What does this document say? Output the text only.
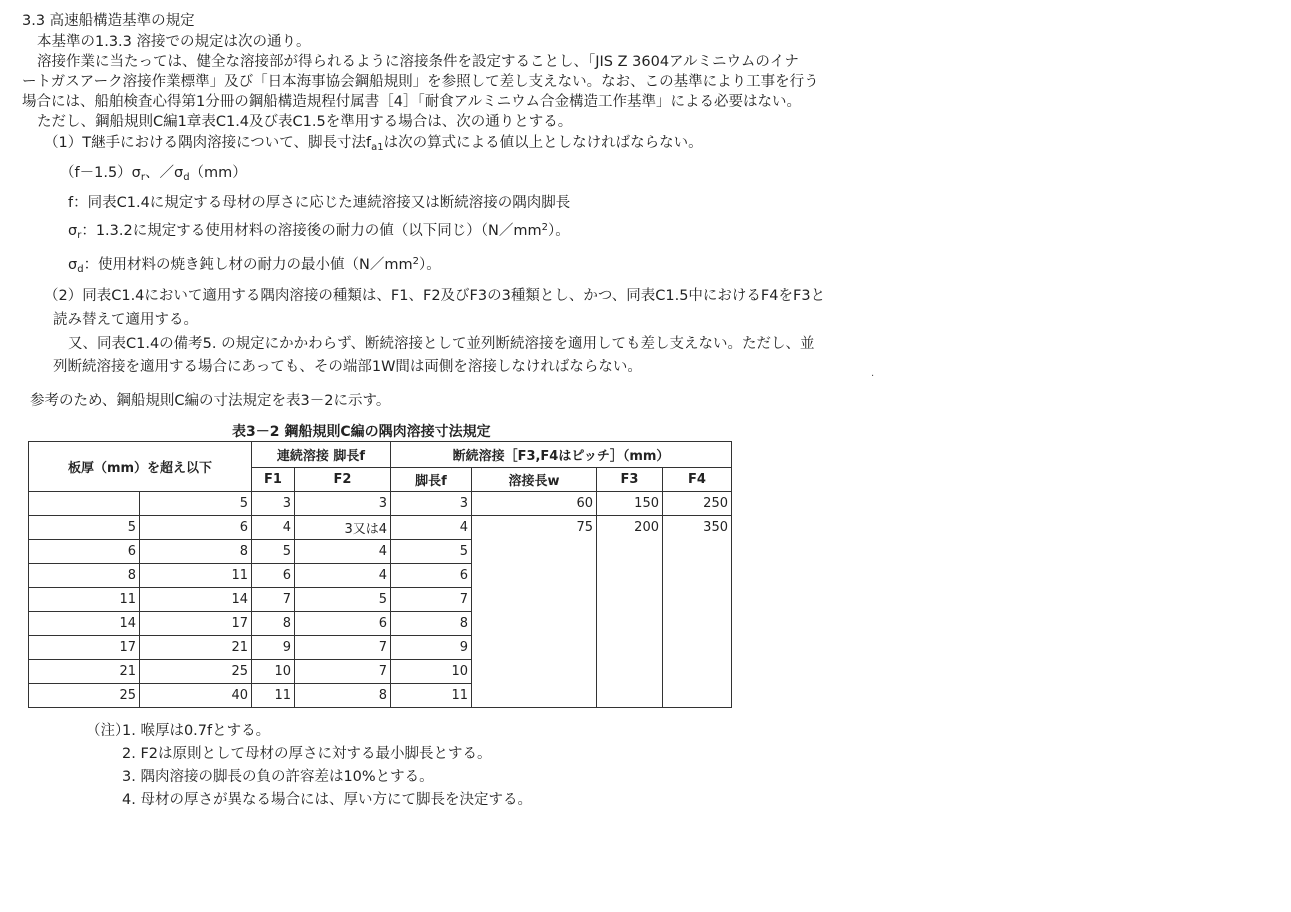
3.3 高速船構造基準の規定
本基準の1.3.3 溶接での規定は次の通り。
溶接作業に当たっては、健全な溶接部が得られるように溶接条件を設定することし、「JIS Z 3604アルミニウムのイナ
ートガスアーク溶接作業標準」及び「日本海事協会鋼船規則」を参照して差し支えない。なお、この基準により工事を行う
場合には、船舶検査心得第1分冊の鋼船構造規程付属書［4］「耐食アルミニウム合金構造工作基準」による必要はない。
ただし、鋼船規則C編1章表C1.4及び表C1.5を準用する場合は、次の通りとする。
（1）T継手における隅肉溶接について、脚長寸法$f_{a1}$は次の算式による値以上としなければならない。
$(f-1.5)\sigma_r$、$/\sigma_d(mm)$
f：同表C1.4に規定する母材の厚さに応じた連続溶接又は断続溶接の隅肉脚長
$\sigma_r$：1.3.2に規定する使用材料の溶接後の耐力の値（以下同じ）$(N/mm^2)$。
$\sigma_d$：使用材料の焼き鈍し材の耐力の最小値$(N/mm^2)$。
（2）同表C1.4において適用する隅肉溶接の種類は、F1、F2及びF3の3種類とし、かつ、同表C1.5中におけるF4をF3と
読み替えて適用する。
又、同表C1.4の備考5. の規定にかかわらず、断続溶接として並列断続溶接を適用しても差し支えない。ただし、並
列断続溶接を適用する場合にあっても、その端部1W間は両側を溶接しなければならない。	.
参考のため、鋼船規則C編の寸法規定を表3－2に示す。
表3－2 鋼船規則C編の隅肉溶接寸法規定
板厚（mm）を超え以下		連続溶接 脚長f		断続溶接［F3,F4はピッチ］（mm）			
		F1	F2	脚長f	溶接長w	F3	F4
	5	3	3	3	60	150	250
5	6	4	3又は4	4	75	200	350
6	8	5	4	5			
8	11	6	4	6			
11	14	7	5	7			
14	17	8	6	8			
17	21	9	7	9			
21	25	10	7	10			
25	40	11	8	11			
（注）1. 喉厚は0.7fとする。
2. F2は原則として母材の厚さに対する最小脚長とする。
3. 隅肉溶接の脚長の負の許容差は10%とする。
4. 母材の厚さが異なる場合には、厚い方にて脚長を決定する。
